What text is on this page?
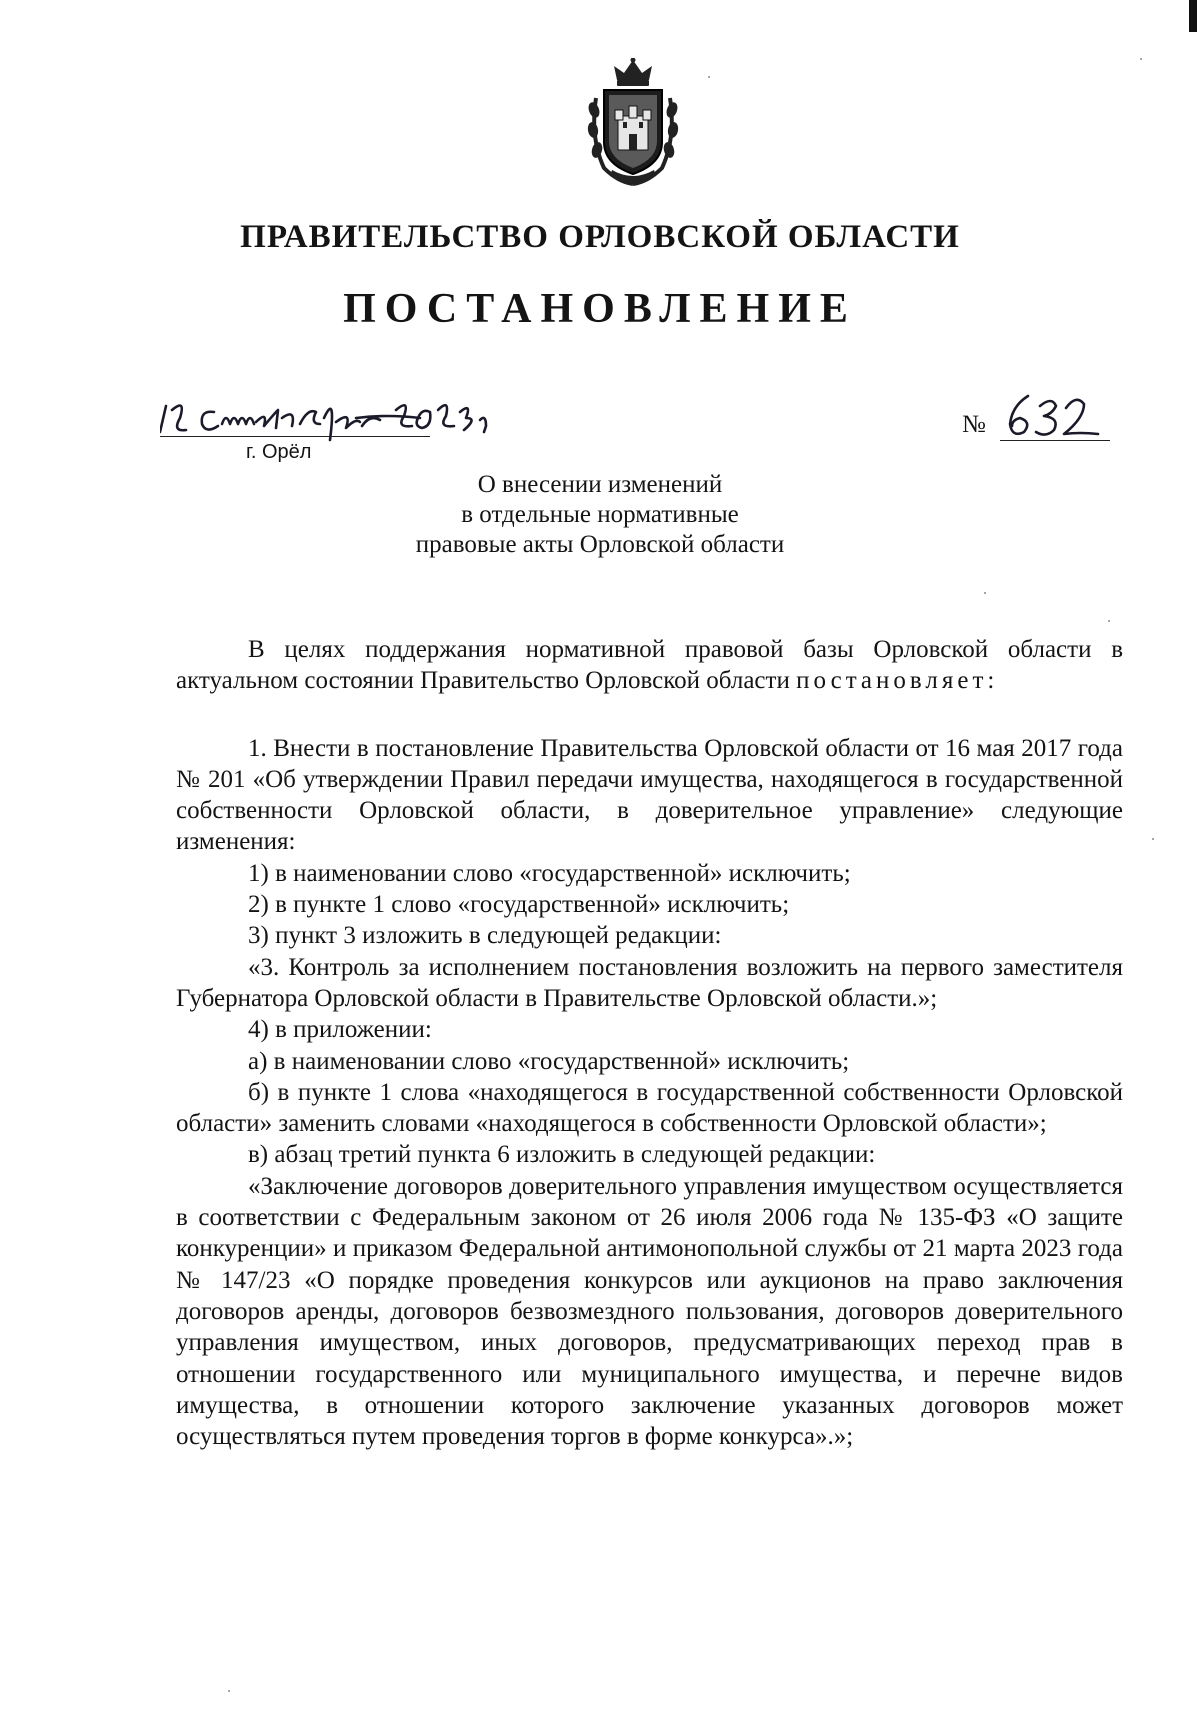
ПРАВИТЕЛЬСТВО ОРЛОВСКОЙ ОБЛАСТИ
ПОСТАНОВЛЕНИЕ
г. Орёл
№
О внесении изменений
в отдельные нормативные
правовые акты Орловской области

В целях поддержания нормативной правовой базы Орловской области в актуальном состоянии Правительство Орловской области постановляет:

1. Внести в постановление Правительства Орловской области от 16 мая 2017 года № 201 «Об утверждении Правил передачи имущества, находящегося в государственной собственности Орловской области, в доверительное управление» следующие изменения:

1) в наименовании слово «государственной» исключить;

2) в пункте 1 слово «государственной» исключить;

3) пункт 3 изложить в следующей редакции:

«3. Контроль за исполнением постановления возложить на первого заместителя Губернатора Орловской области в Правительстве Орловской области.»;

4) в приложении:

а) в наименовании слово «государственной» исключить;

б) в пункте 1 слова «находящегося в государственной собственности Орловской области» заменить словами «находящегося в собственности Орловской области»;

в) абзац третий пункта 6 изложить в следующей редакции:

«Заключение договоров доверительного управления имуществом осуществляется в соответствии с Федеральным законом от 26 июля 2006 года № 135-ФЗ «О защите конкуренции» и приказом Федеральной антимонопольной службы от 21 марта 2023 года № 147/23 «О порядке проведения конкурсов или аукционов на право заключения договоров аренды, договоров безвозмездного пользования, договоров доверительного управления имуществом, иных договоров, предусматривающих переход прав в отношении государственного или муниципального имущества, и перечне видов имущества, в отношении которого заключение указанных договоров может осуществляться путем проведения торгов в форме конкурса».»;
